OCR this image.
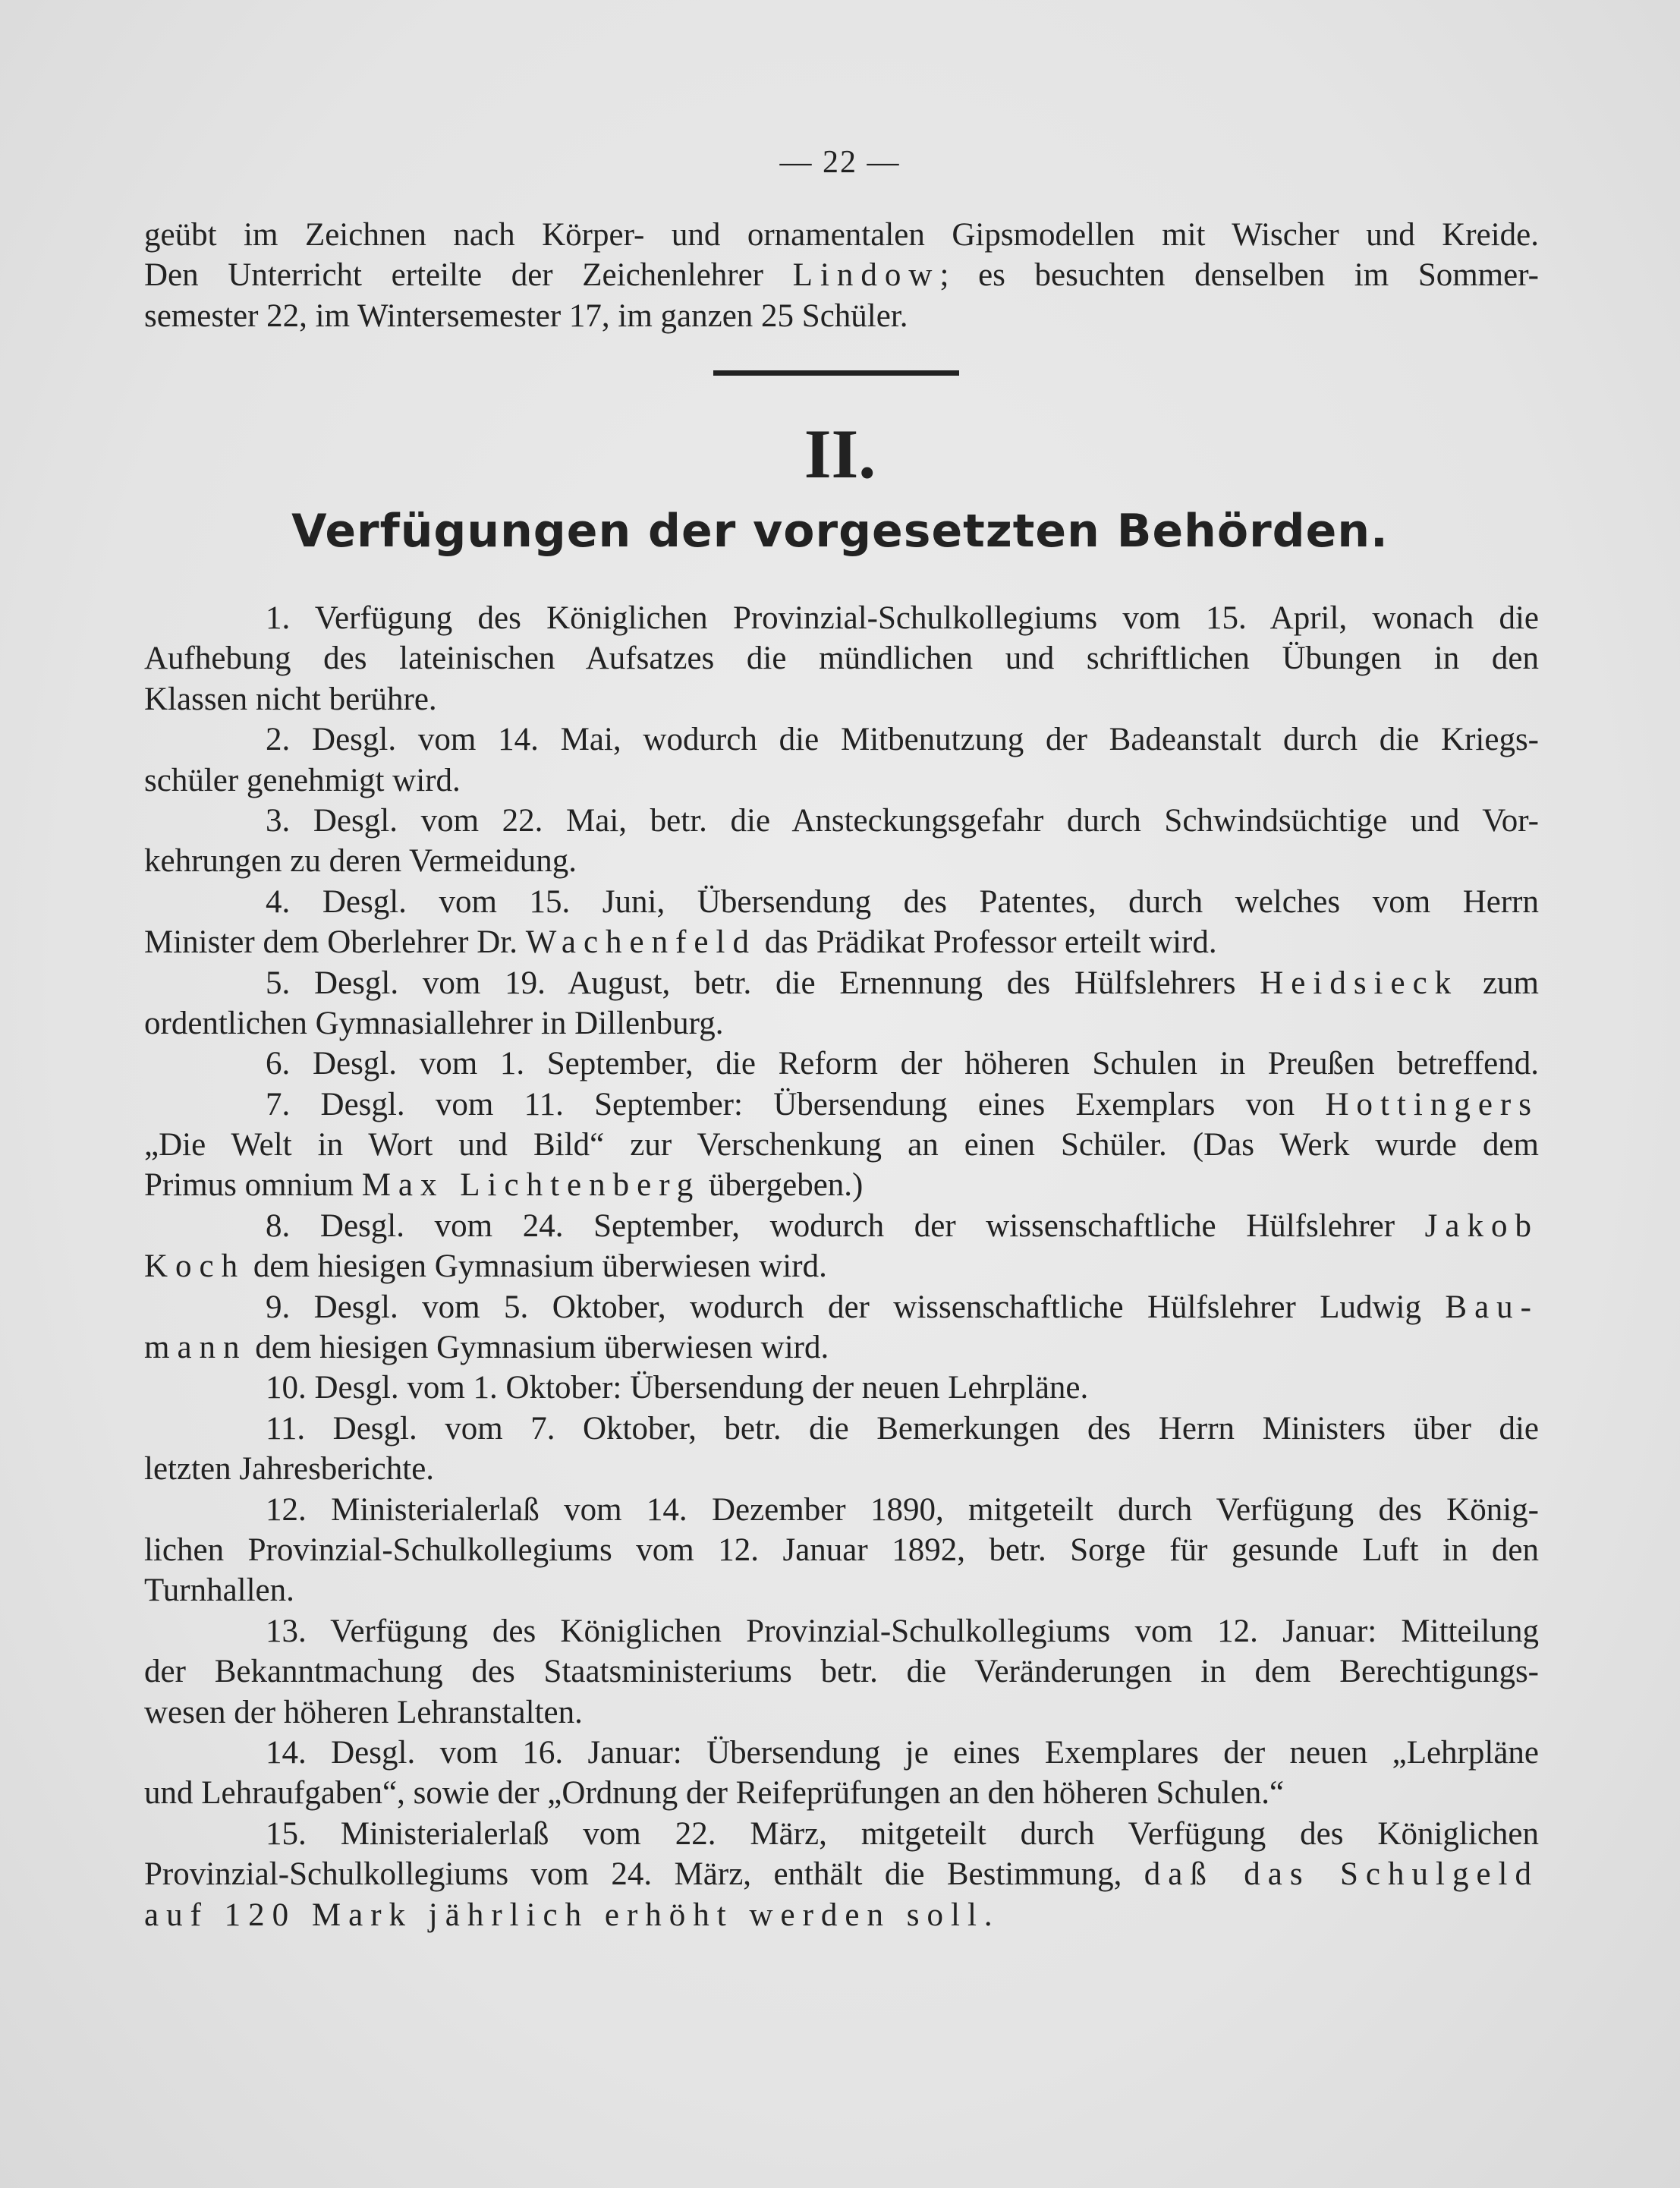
— 22 —
geübt im Zeichnen nach Körper- und ornamentalen Gipsmodellen mit Wischer und Kreide.
Den Unterricht erteilte der Zeichenlehrer Lindow; es besuchten denselben im Sommer-
semester 22, im Wintersemester 17, im ganzen 25 Schüler.
II.
Verfügungen der vorgesetzten Behörden.
1. Verfügung des Königlichen Provinzial-Schulkollegiums vom 15. April, wonach die
Aufhebung des lateinischen Aufsatzes die mündlichen und schriftlichen Übungen in den
Klassen nicht berühre.
2. Desgl. vom 14. Mai, wodurch die Mitbenutzung der Badeanstalt durch die Kriegs-
schüler genehmigt wird.
3. Desgl. vom 22. Mai, betr. die Ansteckungsgefahr durch Schwindsüchtige und Vor-
kehrungen zu deren Vermeidung.
4. Desgl. vom 15. Juni, Übersendung des Patentes, durch welches vom Herrn
Minister dem Oberlehrer Dr. Wachenfeld das Prädikat Professor erteilt wird.
5. Desgl. vom 19. August, betr. die Ernennung des Hülfslehrers Heidsieck zum
ordentlichen Gymnasiallehrer in Dillenburg.
6. Desgl. vom 1. September, die Reform der höheren Schulen in Preußen betreffend.
7. Desgl. vom 11. September: Übersendung eines Exemplars von Hottingers
„Die Welt in Wort und Bild“ zur Verschenkung an einen Schüler. (Das Werk wurde dem
Primus omnium Max Lichtenberg übergeben.)
8. Desgl. vom 24. September, wodurch der wissenschaftliche Hülfslehrer Jakob
Koch dem hiesigen Gymnasium überwiesen wird.
9. Desgl. vom 5. Oktober, wodurch der wissenschaftliche Hülfslehrer Ludwig Bau-
mann dem hiesigen Gymnasium überwiesen wird.
10. Desgl. vom 1. Oktober: Übersendung der neuen Lehrpläne.
11. Desgl. vom 7. Oktober, betr. die Bemerkungen des Herrn Ministers über die
letzten Jahresberichte.
12. Ministerialerlaß vom 14. Dezember 1890, mitgeteilt durch Verfügung des König-
lichen Provinzial-Schulkollegiums vom 12. Januar 1892, betr. Sorge für gesunde Luft in den
Turnhallen.
13. Verfügung des Königlichen Provinzial-Schulkollegiums vom 12. Januar: Mitteilung
der Bekanntmachung des Staatsministeriums betr. die Veränderungen in dem Berechtigungs-
wesen der höheren Lehranstalten.
14. Desgl. vom 16. Januar: Übersendung je eines Exemplares der neuen „Lehrpläne
und Lehraufgaben“, sowie der „Ordnung der Reifeprüfungen an den höheren Schulen.“
15. Ministerialerlaß vom 22. März, mitgeteilt durch Verfügung des Königlichen
Provinzial-Schulkollegiums vom 24. März, enthält die Bestimmung, daß das Schulgeld
auf 120 Mark jährlich erhöht werden soll.
